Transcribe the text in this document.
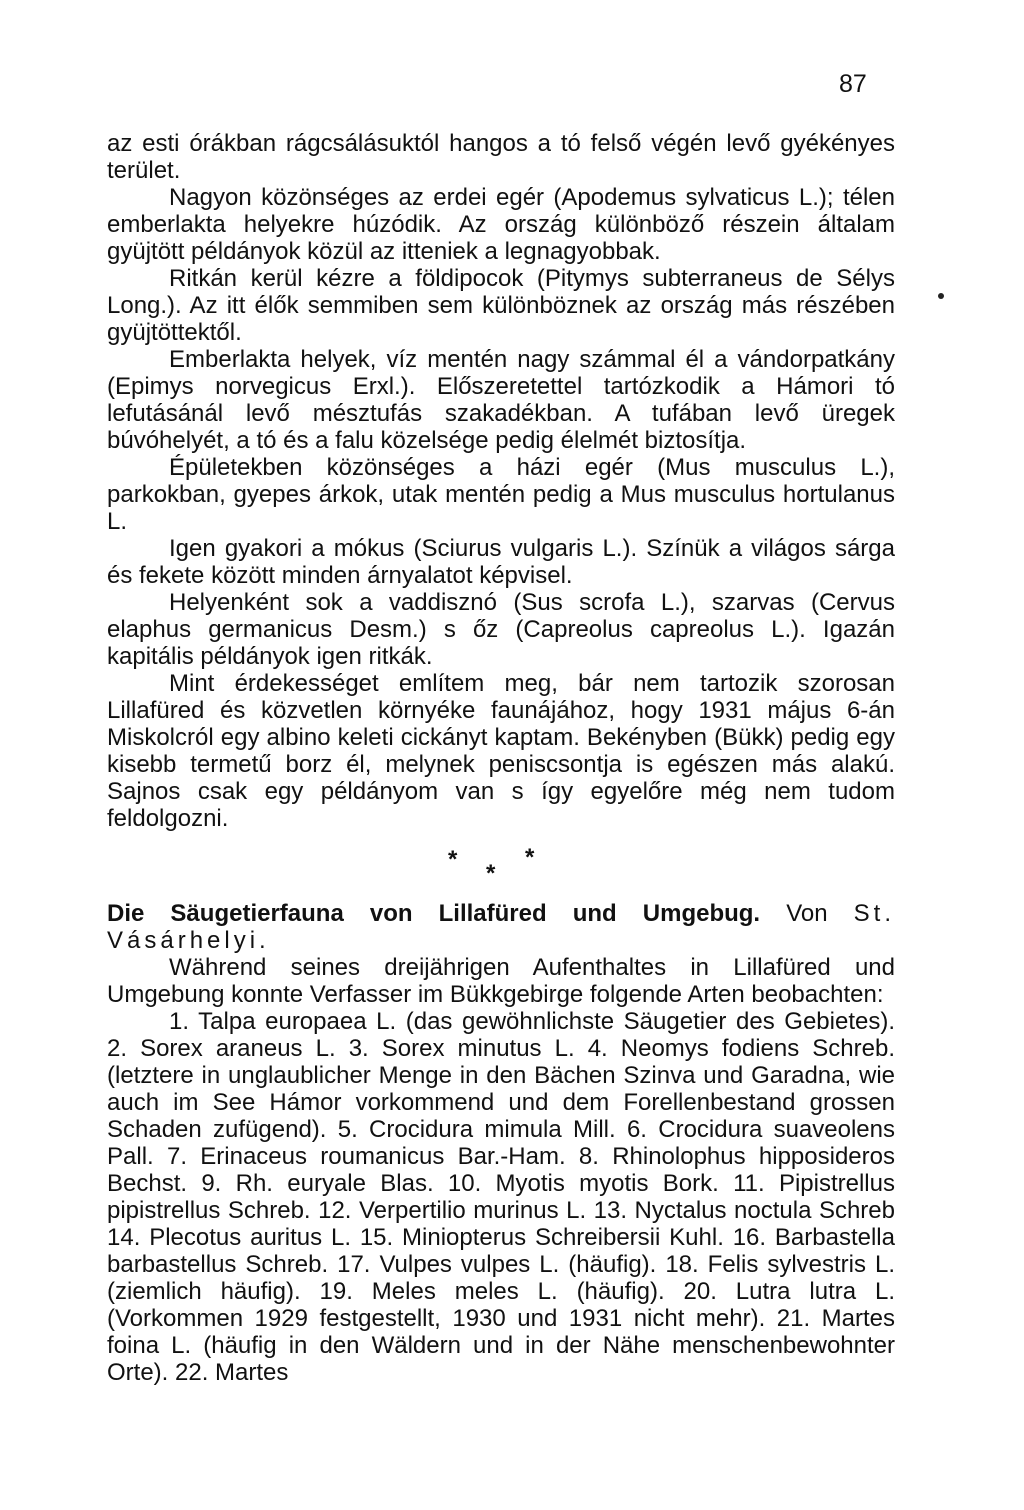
87

az esti órákban rágcsálásuktól hangos a tó felső végén levő gyékényes terület.

Nagyon közönséges az erdei egér (Apodemus sylvaticus L.); télen emberlakta helyekre húzódik. Az ország különböző részein általam gyüjtött példányok közül az itteniek a legnagyobbak.

Ritkán kerül kézre a földipocok (Pitymys subterraneus de Sélys Long.). Az itt élők semmiben sem különböznek az ország más részében gyüjtöttektől.

Emberlakta helyek, víz mentén nagy számmal él a vándorpatkány (Epimys norvegicus Erxl.). Előszeretettel tartózkodik a Hámori tó lefutásánál levő mésztufás szakadékban. A tufában levő üregek búvóhelyét, a tó és a falu közelsége pedig élelmét biztosítja.

Épületekben közönséges a házi egér (Mus musculus L.), parkokban, gyepes árkok, utak mentén pedig a Mus musculus hortulanus L.

Igen gyakori a mókus (Sciurus vulgaris L.). Színük a világos sárga és fekete között minden árnyalatot képvisel.

Helyenként sok a vaddisznó (Sus scrofa L.), szarvas (Cervus elaphus germanicus Desm.) s őz (Capreolus capreolus L.). Igazán kapitális példányok igen ritkák.

Mint érdekességet említem meg, bár nem tartozik szorosan Lillafüred és közvetlen környéke faunájához, hogy 1931 május 6-án Miskolcról egy albino keleti cickányt kaptam. Bekényben (Bükk) pedig egy kisebb termetű borz él, melynek peniscsontja is egészen más alakú. Sajnos csak egy példányom van s így egyelőre még nem tudom feldolgozni.

*
*
*

Die Säugetierfauna von Lillafüred und Umgebug. Von St. Vásárhelyi.

Während seines dreijährigen Aufenthaltes in Lillafüred und Umgebung konnte Verfasser im Bükkgebirge folgende Arten beobachten:

1. Talpa europaea L. (das gewöhnlichste Säugetier des Gebietes). 2. Sorex araneus L. 3. Sorex minutus L. 4. Neomys fodiens Schreb. (letztere in unglaublicher Menge in den Bächen Szinva und Garadna, wie auch im See Hámor vorkommend und dem Forellenbestand grossen Schaden zufügend). 5. Crocidura mimula Mill. 6. Crocidura suaveolens Pall. 7. Erinaceus roumanicus Bar.-Ham. 8. Rhinolophus hipposideros Bechst. 9. Rh. euryale Blas. 10. Myotis myotis Bork. 11. Pipistrellus pipistrellus Schreb. 12. Verpertilio murinus L. 13. Nyctalus noctula Schreb 14. Plecotus auritus L. 15. Miniopterus Schreibersii Kuhl. 16. Barbastella barbastellus Schreb. 17. Vulpes vulpes L. (häufig). 18. Felis sylvestris L. (ziemlich häufig). 19. Meles meles L. (häufig). 20. Lutra lutra L. (Vorkommen 1929 festgestellt, 1930 und 1931 nicht mehr). 21. Martes foina L. (häufig in den Wäldern und in der Nähe menschenbewohnter Orte). 22. Martes
